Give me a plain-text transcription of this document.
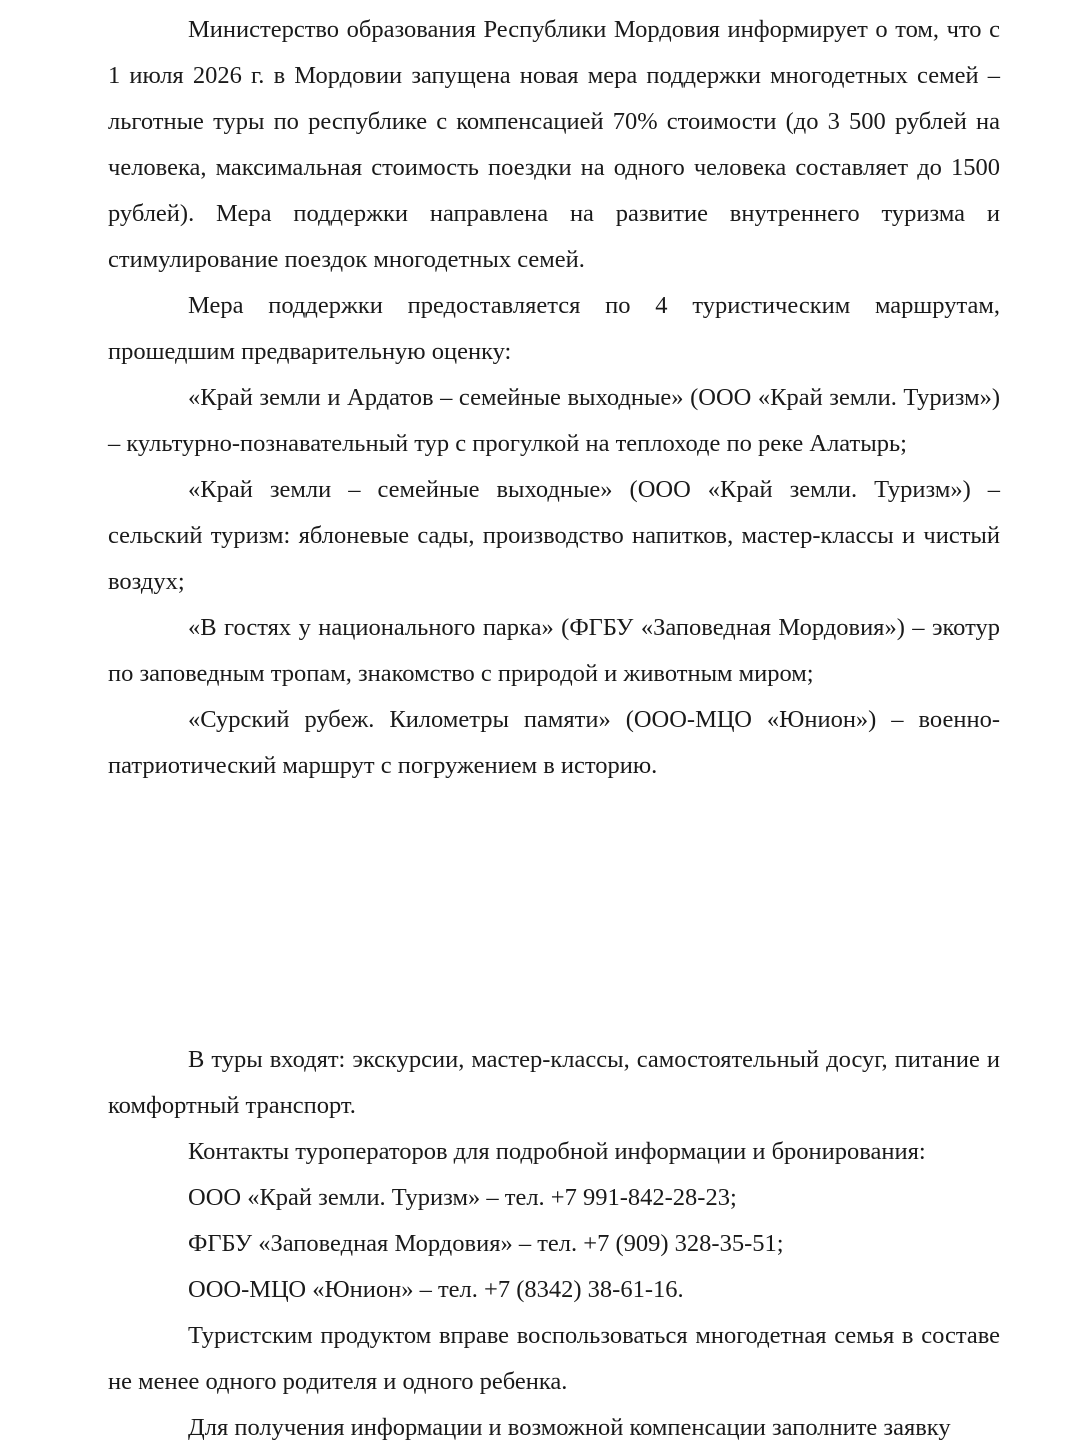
Министерство образования Республики Мордовия информирует о том, что с 1 июля 2026 г. в Мордовии запущена новая мера поддержки многодетных семей – льготные туры по республике с компенсацией 70% стоимости (до 3 500 рублей на человека, максимальная стоимость поездки на одного человека составляет до 1500 рублей). Мера поддержки направлена на развитие внутреннего туризма и стимулирование поездок многодетных семей.

Мера поддержки предоставляется по 4 туристическим маршрутам, прошедшим предварительную оценку:

«Край земли и Ардатов – семейные выходные» (ООО «Край земли. Туризм») – культурно-познавательный тур с прогулкой на теплоходе по реке Алатырь;

«Край земли – семейные выходные» (ООО «Край земли. Туризм») – сельский туризм: яблоневые сады, производство напитков, мастер-классы и чистый воздух;

«В гостях у национального парка» (ФГБУ «Заповедная Мордовия») – экотур по заповедным тропам, знакомство с природой и животным миром;

«Сурский рубеж. Километры памяти» (ООО-МЦО «Юнион») – военно-патриотический маршрут с погружением в историю.

В туры входят: экскурсии, мастер-классы, самостоятельный досуг, питание и комфортный транспорт.

Контакты туроператоров для подробной информации и бронирования:

ООО «Край земли. Туризм» – тел. +7 991-842-28-23;

ФГБУ «Заповедная Мордовия» – тел. +7 (909) 328-35-51;

ООО-МЦО «Юнион» – тел. +7 (8342) 38-61-16.

Туристским продуктом вправе воспользоваться многодетная семья в составе не менее одного родителя и одного ребенка.

Для получения информации и возможной компенсации заполните заявку
